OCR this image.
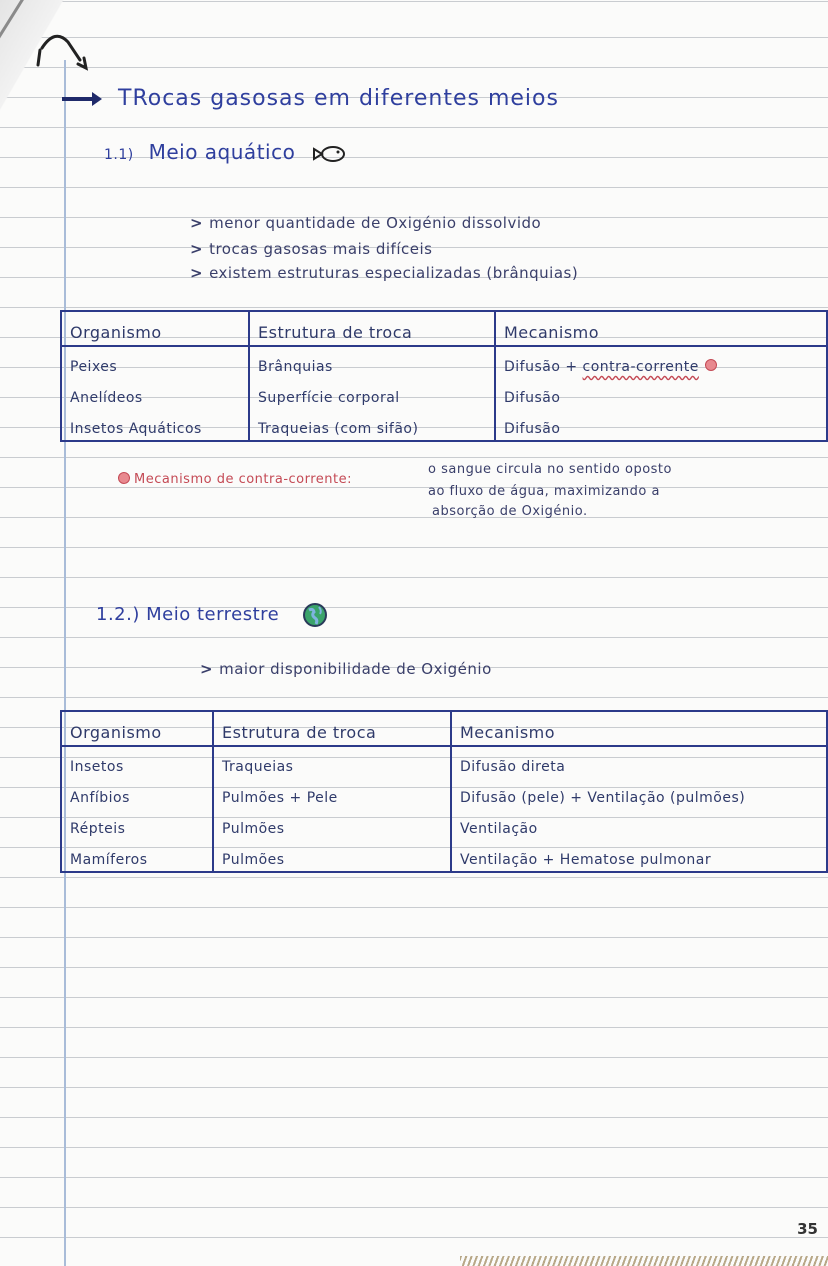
TRocas gasosas em diferentes meios
1.1) Meio aquático
> menor quantidade de Oxigénio dissolvido
> trocas gasosas mais difíceis
> existem estruturas especializadas (brânquias)
Organismo	Estrutura de troca	Mecanismo
Peixes	Brânquias	Difusão + contra-corrente
Anelídeos	Superfície corporal	Difusão
Insetos Aquáticos	Traqueias (com sifão)	Difusão
Mecanismo de contra-corrente:
o sangue circula no sentido oposto
ao fluxo de água, maximizando a
absorção de Oxigénio.
1.2.) Meio terrestre
> maior disponibilidade de Oxigénio
Organismo	Estrutura de troca	Mecanismo
Insetos	Traqueias	Difusão direta
Anfíbios	Pulmões + Pele	Difusão (pele) + Ventilação (pulmões)
Répteis	Pulmões	Ventilação
Mamíferos	Pulmões	Ventilação + Hematose pulmonar
35
